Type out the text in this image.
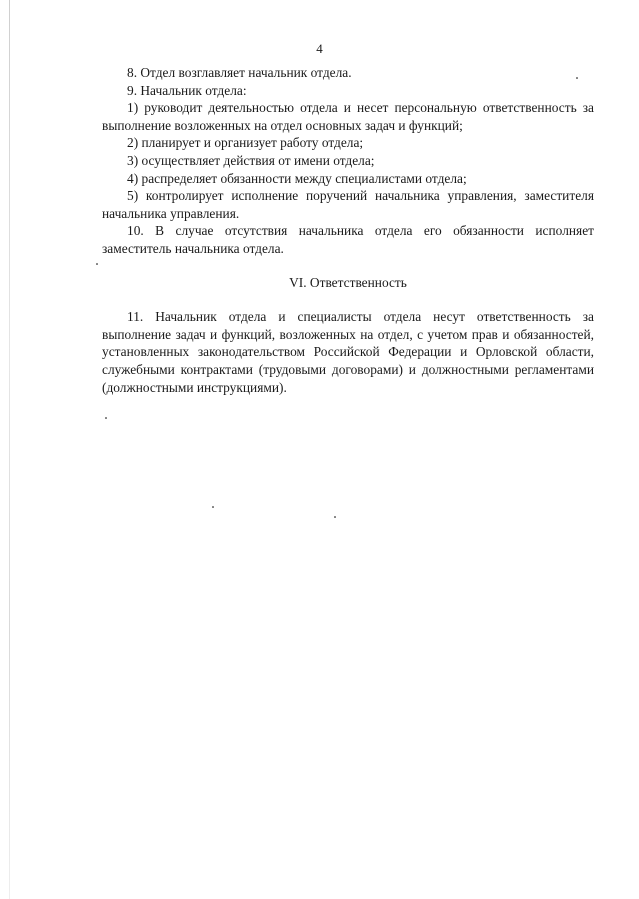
4

8. Отдел возглавляет начальник отдела.

9. Начальник отдела:

1) руководит деятельностью отдела и несет персональную ответственность за выполнение возложенных на отдел основных задач и функций;

2) планирует и организует работу отдела;

3) осуществляет действия от имени отдела;

4) распределяет обязанности между специалистами отдела;

5) контролирует исполнение поручений начальника управления, заместителя начальника управления.

10. В случае отсутствия начальника отдела его обязанности исполняет заместитель начальника отдела.

VI. Ответственность

11. Начальник отдела и специалисты отдела несут ответственность за выполнение задач и функций, возложенных на отдел, с учетом прав и обязанностей, установленных законодательством Российской Федерации и Орловской области, служебными контрактами (трудовыми договорами) и должностными регламентами (должностными инструкциями).
